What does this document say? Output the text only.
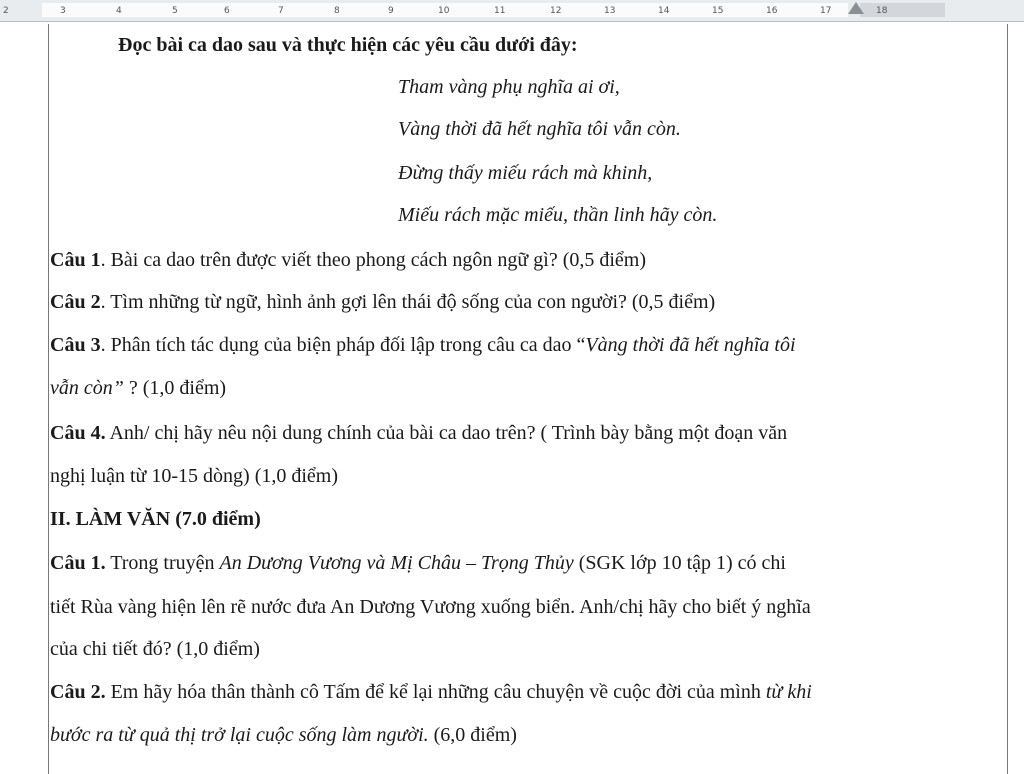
2	3	4	5	6	7	8	9	10	11	12	13	14	15	16	17	18
Đọc bài ca dao sau và thực hiện các yêu cầu dưới đây:
Tham vàng phụ nghĩa ai ơi,
Vàng thời đã hết nghĩa tôi vẫn còn.
Đừng thấy miếu rách mà khinh,
Miếu rách mặc miếu, thần linh hãy còn.
Câu 1. Bài ca dao trên được viết theo phong cách ngôn ngữ gì? (0,5 điểm)
Câu 2. Tìm những từ ngữ, hình ảnh gợi lên thái độ sống của con người? (0,5 điểm)
Câu 3. Phân tích tác dụng của biện pháp đối lập trong câu ca dao “Vàng thời đã hết nghĩa tôi
vẫn còn” ? (1,0 điểm)
Câu 4. Anh/ chị hãy nêu nội dung chính của bài ca dao trên? ( Trình bày bằng một đoạn văn
nghị luận từ 10-15 dòng) (1,0 điểm)
II. LÀM VĂN (7.0 điểm)
Câu 1. Trong truyện An Dương Vương và Mị Châu – Trọng Thủy (SGK lớp 10 tập 1) có chi
tiết Rùa vàng hiện lên rẽ nước đưa An Dương Vương xuống biển. Anh/chị hãy cho biết ý nghĩa
của chi tiết đó? (1,0 điểm)
Câu 2. Em hãy hóa thân thành cô Tấm để kể lại những câu chuyện về cuộc đời của mình từ khi
bước ra từ quả thị trở lại cuộc sống làm người. (6,0 điểm)
